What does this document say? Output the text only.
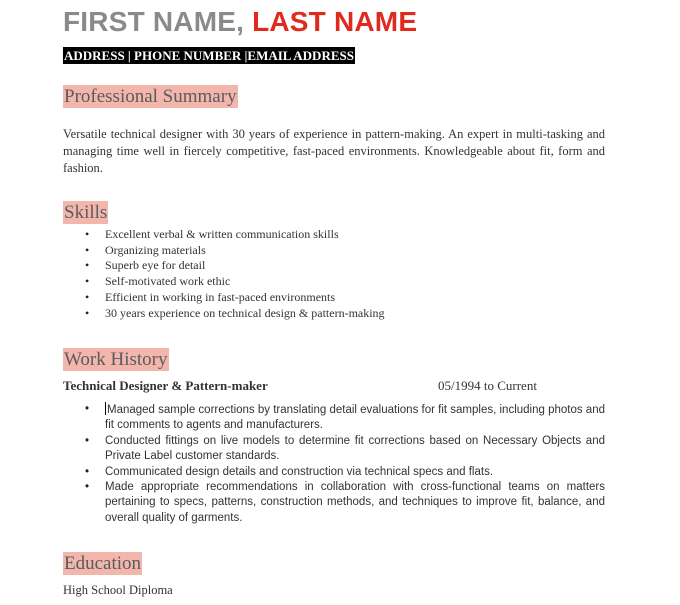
FIRST NAME, LAST NAME
ADDRESS | PHONE NUMBER |EMAIL ADDRESS
Professional Summary
Versatile technical designer with 30 years of experience in pattern-making. An expert in multi-tasking and managing time well in fiercely competitive, fast-paced environments. Knowledgeable about fit, form and fashion.
Skills
• Excellent verbal & written communication skills
• Organizing materials
• Superb eye for detail
• Self-motivated work ethic
• Efficient in working in fast-paced environments
• 30 years experience on technical design & pattern-making
Work History
Technical Designer & Pattern-maker	05/1994 to Current
• Managed sample corrections by translating detail evaluations for fit samples, including photos and fit comments to agents and manufacturers.
• Conducted fittings on live models to determine fit corrections based on Necessary Objects and Private Label customer standards.
• Communicated design details and construction via technical specs and flats.
• Made appropriate recommendations in collaboration with cross-functional teams on matters pertaining to specs, patterns, construction methods, and techniques to improve fit, balance, and overall quality of garments.
Education
High School Diploma
